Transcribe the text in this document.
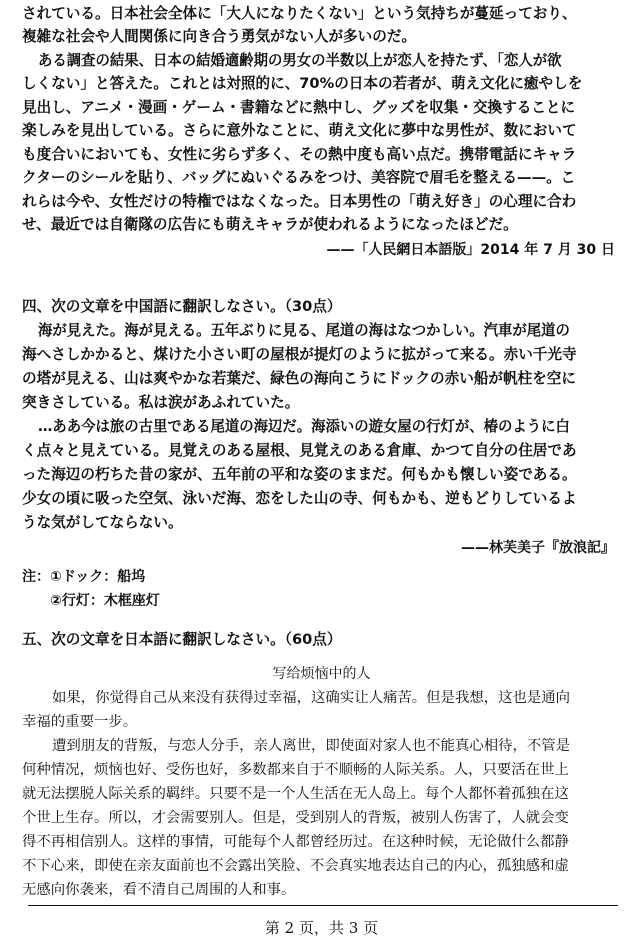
されている。日本社会全体に「大人になりたくない」という気持ちが蔓延っており、
複雑な社会や人間関係に向き合う勇気がない人が多いのだ。
ある調査の結果、日本の結婚適齢期の男女の半数以上が恋人を持たず、「恋人が欲
しくない」と答えた。これとは対照的に、70%の日本の若者が、萌え文化に癒やしを
見出し、アニメ・漫画・ゲーム・書籍などに熱中し、グッズを収集・交換することに
楽しみを見出している。さらに意外なことに、萌え文化に夢中な男性が、数において
も度合いにおいても、女性に劣らず多く、その熱中度も高い点だ。携帯電話にキャラ
クターのシールを貼り、バッグにぬいぐるみをつけ、美容院で眉毛を整える——。こ
れらは今や、女性だけの特権ではなくなった。日本男性の「萌え好き」の心理に合わ
せ、最近では自衛隊の広告にも萌えキャラが使われるようになったほどだ。
——「人民網日本語版」2014 年 7 月 30 日
四、次の文章を中国語に翻訳しなさい。（30点）
海が見えた。海が見える。五年ぶりに見る、尾道の海はなつかしい。汽車が尾道の
海へさしかかると、煤けた小さい町の屋根が提灯のように拡がって来る。赤い千光寺
の塔が見える、山は爽やかな若葉だ、緑色の海向こうにドックの赤い船が帆柱を空に
突きさしている。私は涙があふれていた。
…ああ今は旅の古里である尾道の海辺だ。海添いの遊女屋の行灯が、椿のように白
く点々と見えている。見覚えのある屋根、見覚えのある倉庫、かつて自分の住居であ
った海辺の朽ちた昔の家が、五年前の平和な姿のままだ。何もかも懐しい姿である。
少女の頃に吸った空気、泳いだ海、恋をした山の寺、何もかも、逆もどりしているよ
うな気がしてならない。
——林芙美子『放浪記』
注：①ドック：船坞
②行灯：木框座灯
五、次の文章を日本語に翻訳しなさい。（60点）
写给烦恼中的人
如果，你觉得自己从来没有获得过幸福，这确实让人痛苦。但是我想，这也是通向
幸福的重要一步。
遭到朋友的背叛，与恋人分手，亲人离世，即使面对家人也不能真心相待，不管是
何种情况，烦恼也好、受伤也好，多数都来自于不顺畅的人际关系。人，只要活在世上
就无法摆脱人际关系的羁绊。只要不是一个人生活在无人岛上。每个人都怀着孤独在这
个世上生存。所以，才会需要别人。但是，受到别人的背叛，被别人伤害了，人就会变
得不再相信别人。这样的事情，可能每个人都曾经历过。在这种时候，无论做什么都静
不下心来，即使在亲友面前也不会露出笑脸、不会真实地表达自己的内心，孤独感和虚
无感向你袭来，看不清自己周围的人和事。
第 2 页，共 3 页
